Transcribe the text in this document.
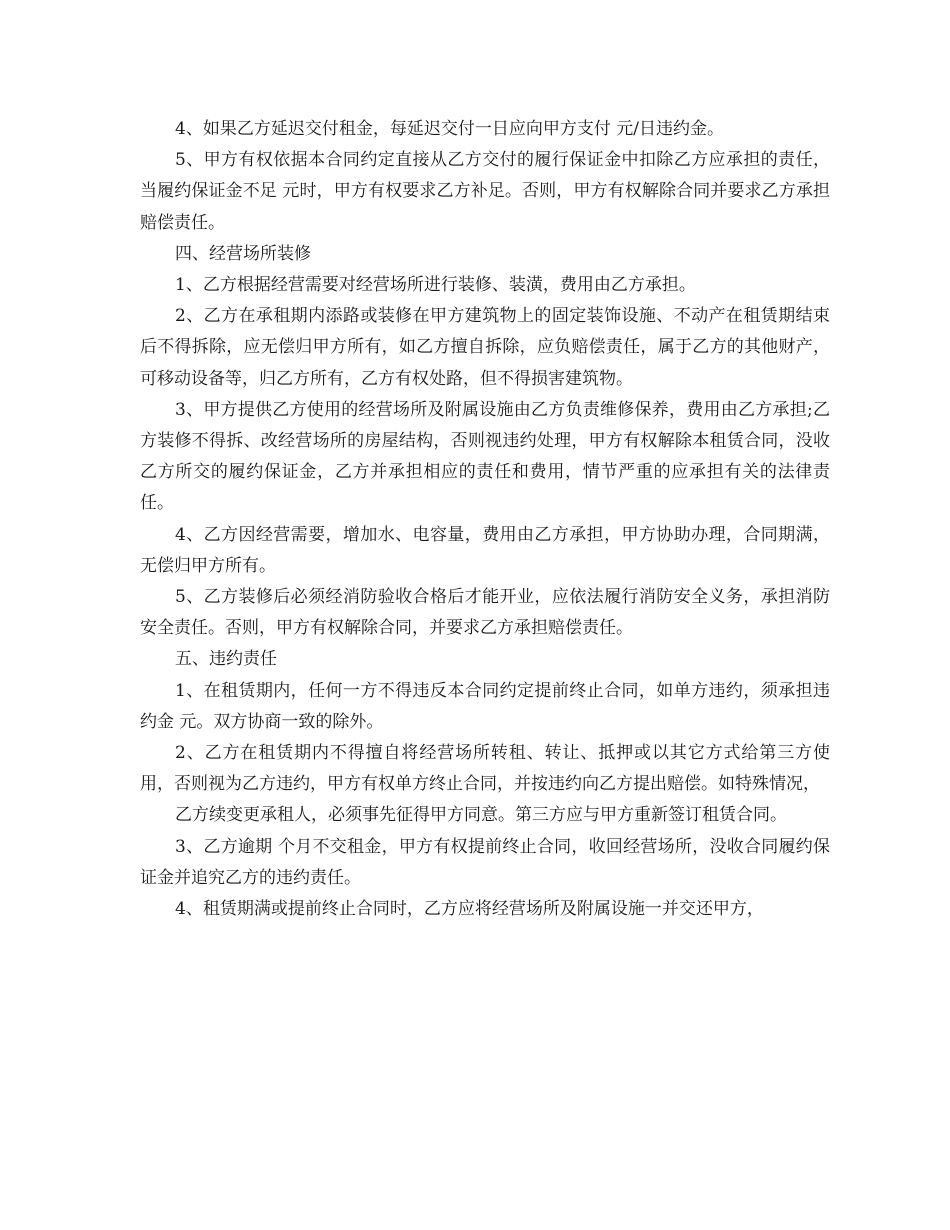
4、如果乙方延迟交付租金，每延迟交付一日应向甲方支付 元/日违约金。

5、甲方有权依据本合同约定直接从乙方交付的履行保证金中扣除乙方应承担的责任，当履约保证金不足 元时，甲方有权要求乙方补足。否则，甲方有权解除合同并要求乙方承担赔偿责任。

四、经营场所装修

1、乙方根据经营需要对经营场所进行装修、装潢，费用由乙方承担。

2、乙方在承租期内添路或装修在甲方建筑物上的固定装饰设施、不动产在租赁期结束后不得拆除，应无偿归甲方所有，如乙方擅自拆除，应负赔偿责任，属于乙方的其他财产，可移动设备等，归乙方所有，乙方有权处路，但不得损害建筑物。

3、甲方提供乙方使用的经营场所及附属设施由乙方负责维修保养，费用由乙方承担;乙方装修不得拆、改经营场所的房屋结构，否则视违约处理，甲方有权解除本租赁合同，没收乙方所交的履约保证金，乙方并承担相应的责任和费用，情节严重的应承担有关的法律责任。

4、乙方因经营需要，增加水、电容量，费用由乙方承担，甲方协助办理，合同期满，无偿归甲方所有。

5、乙方装修后必须经消防验收合格后才能开业，应依法履行消防安全义务，承担消防安全责任。否则，甲方有权解除合同，并要求乙方承担赔偿责任。

五、违约责任

1、在租赁期内，任何一方不得违反本合同约定提前终止合同，如单方违约，须承担违约金 元。双方协商一致的除外。

2、乙方在租赁期内不得擅自将经营场所转租、转让、抵押或以其它方式给第三方使用，否则视为乙方违约，甲方有权单方终止合同，并按违约向乙方提出赔偿。如特殊情况，

乙方续变更承租人，必须事先征得甲方同意。第三方应与甲方重新签订租赁合同。

3、乙方逾期 个月不交租金，甲方有权提前终止合同，收回经营场所，没收合同履约保证金并追究乙方的违约责任。

4、租赁期满或提前终止合同时，乙方应将经营场所及附属设施一并交还甲方，
